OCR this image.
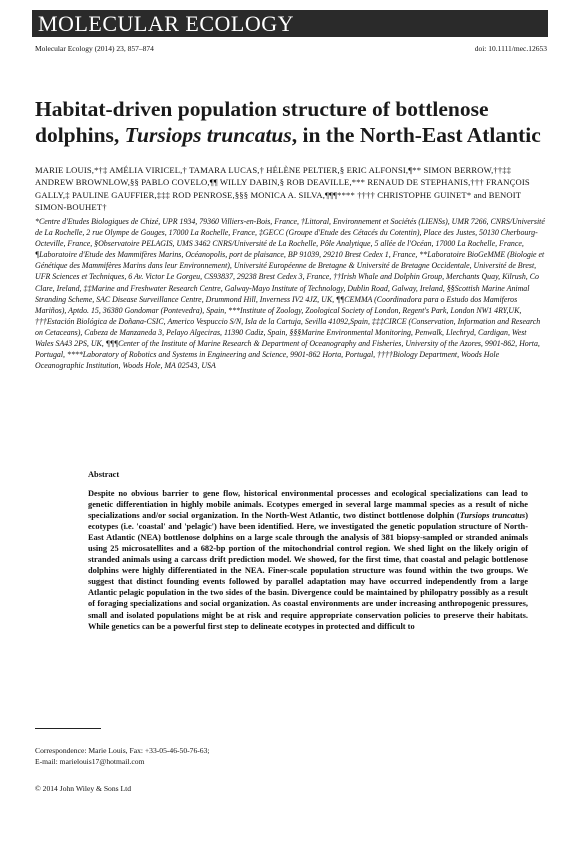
MOLECULAR ECOLOGY
Molecular Ecology (2014) 23, 857–874	doi: 10.1111/mec.12653
Habitat-driven population structure of bottlenose dolphins, Tursiops truncatus, in the North-East Atlantic
MARIE LOUIS,*†‡ AMÉLIA VIRICEL,† TAMARA LUCAS,† HÉLÈNE PELTIER,§ ERIC ALFONSI,¶** SIMON BERROW,††‡‡ ANDREW BROWNLOW,§§ PABLO COVELO,¶¶ WILLY DABIN,§ ROB DEAVILLE,*** RENAUD DE STEPHANIS,††† FRANÇOIS GALLY,‡ PAULINE GAUFFIER,‡‡‡ ROD PENROSE,§§§ MONICA A. SILVA,¶¶¶**** †††† CHRISTOPHE GUINET* and BENOIT SIMON-BOUHET†
*Centre d'Etudes Biologiques de Chizé, UPR 1934, 79360 Villiers-en-Bois, France, †Littoral, Environnement et Sociétés (LIENSs), UMR 7266, CNRS/Université de La Rochelle, 2 rue Olympe de Gouges, 17000 La Rochelle, France, ‡GECC (Groupe d'Etude des Cétacés du Cotentin), Place des Justes, 50130 Cherbourg-Octeville, France, §Observatoire PELAGIS, UMS 3462 CNRS/Université de La Rochelle, Pôle Analytique, 5 allée de l'Océan, 17000 La Rochelle, France, ¶Laboratoire d'Etude des Mammifères Marins, Océanopolis, port de plaisance, BP 91039, 29210 Brest Cedex 1, France, **Laboratoire BioGeMME (Biologie et Génétique des Mammifères Marins dans leur Environnement), Université Européenne de Bretagne & Université de Bretagne Occidentale, Université de Brest, UFR Sciences et Techniques, 6 Av. Victor Le Gorgeu, CS93837, 29238 Brest Cedex 3, France, ††Irish Whale and Dolphin Group, Merchants Quay, Kilrush, Co Clare, Ireland, ‡‡Marine and Freshwater Research Centre, Galway-Mayo Institute of Technology, Dublin Road, Galway, Ireland, §§Scottish Marine Animal Stranding Scheme, SAC Disease Surveillance Centre, Drummond Hill, Inverness IV2 4JZ, UK, ¶¶CEMMA (Coordinadora para o Estudo dos Mamiferos Mariños), Aptdo. 15, 36380 Gondomar (Pontevedra), Spain, ***Institute of Zoology, Zoological Society of London, Regent's Park, London NW1 4RY,UK, †††Estación Biológica de Doñana-CSIC, Americo Vespuccio S/N, Isla de la Cartuja, Sevilla 41092,Spain, ‡‡‡CIRCE (Conservation, Information and Research on Cetaceans), Cabeza de Manzaneda 3, Pelayo Algeciras, 11390 Cadiz, Spain, §§§Marine Environmental Monitoring, Penwalk, Llechryd, Cardigan, West Wales SA43 2PS, UK, ¶¶¶Center of the Institute of Marine Research & Department of Oceanography and Fisheries, University of the Azores, 9901-862, Horta, Portugal, ****Laboratory of Robotics and Systems in Engineering and Science, 9901-862 Horta, Portugal, ††††Biology Department, Woods Hole Oceanographic Institution, Woods Hole, MA 02543, USA
Abstract
Despite no obvious barrier to gene flow, historical environmental processes and ecological specializations can lead to genetic differentiation in highly mobile animals. Ecotypes emerged in several large mammal species as a result of niche specializations and/or social organization. In the North-West Atlantic, two distinct bottlenose dolphin (Tursiops truncatus) ecotypes (i.e. 'coastal' and 'pelagic') have been identified. Here, we investigated the genetic population structure of North-East Atlantic (NEA) bottlenose dolphins on a large scale through the analysis of 381 biopsy-sampled or stranded animals using 25 microsatellites and a 682-bp portion of the mitochondrial control region. We shed light on the likely origin of stranded animals using a carcass drift prediction model. We showed, for the first time, that coastal and pelagic bottlenose dolphins were highly differentiated in the NEA. Finer-scale population structure was found within the two groups. We suggest that distinct founding events followed by parallel adaptation may have occurred independently from a large Atlantic pelagic population in the two sides of the basin. Divergence could be maintained by philopatry possibly as a result of foraging specializations and social organization. As coastal environments are under increasing anthropogenic pressures, small and isolated populations might be at risk and require appropriate conservation policies to preserve their habitats. While genetics can be a powerful first step to delineate ecotypes in protected and difficult to
Correspondence: Marie Louis, Fax: +33-05-46-50-76-63;
E-mail: marielouis17@hotmail.com
© 2014 John Wiley & Sons Ltd
